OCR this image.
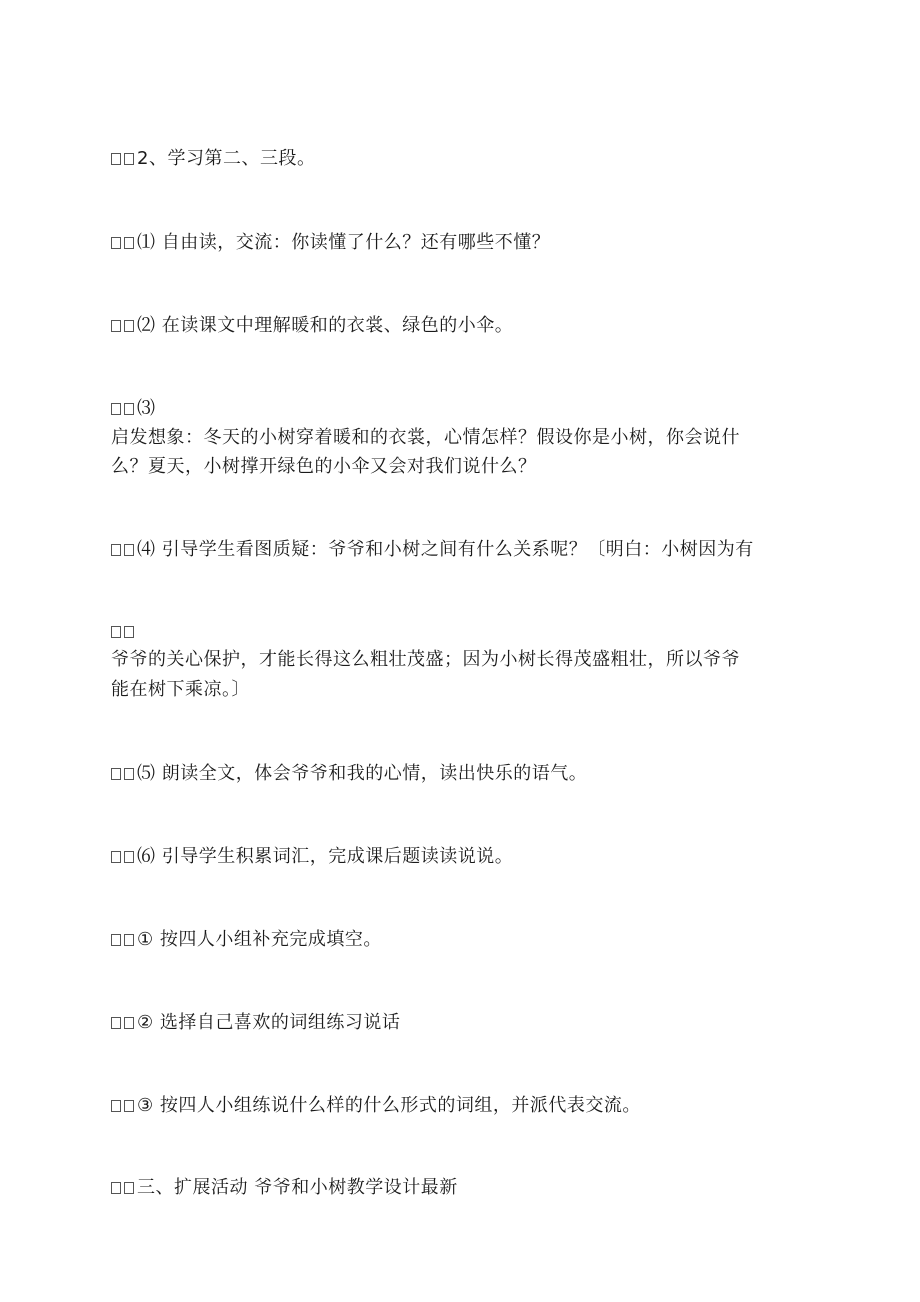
2、学习第二、三段。
⑴ 自由读，交流：你读懂了什么？还有哪些不懂？
⑵ 在读课文中理解暖和的衣裳、绿色的小伞。
⑶
启发想象：冬天的小树穿着暖和的衣裳，心情怎样？假设你是小树，你会说什
么？夏天，小树撑开绿色的小伞又会对我们说什么？
⑷ 引导学生看图质疑：爷爷和小树之间有什么关系呢？〔明白：小树因为有
爷爷的关心保护，才能长得这么粗壮茂盛；因为小树长得茂盛粗壮，所以爷爷
能在树下乘凉。〕
⑸ 朗读全文，体会爷爷和我的心情，读出快乐的语气。
⑹ 引导学生积累词汇，完成课后题读读说说。
① 按四人小组补充完成填空。
② 选择自己喜欢的词组练习说话
③ 按四人小组练说什么样的什么形式的词组，并派代表交流。
三、扩展活动 爷爷和小树教学设计最新
